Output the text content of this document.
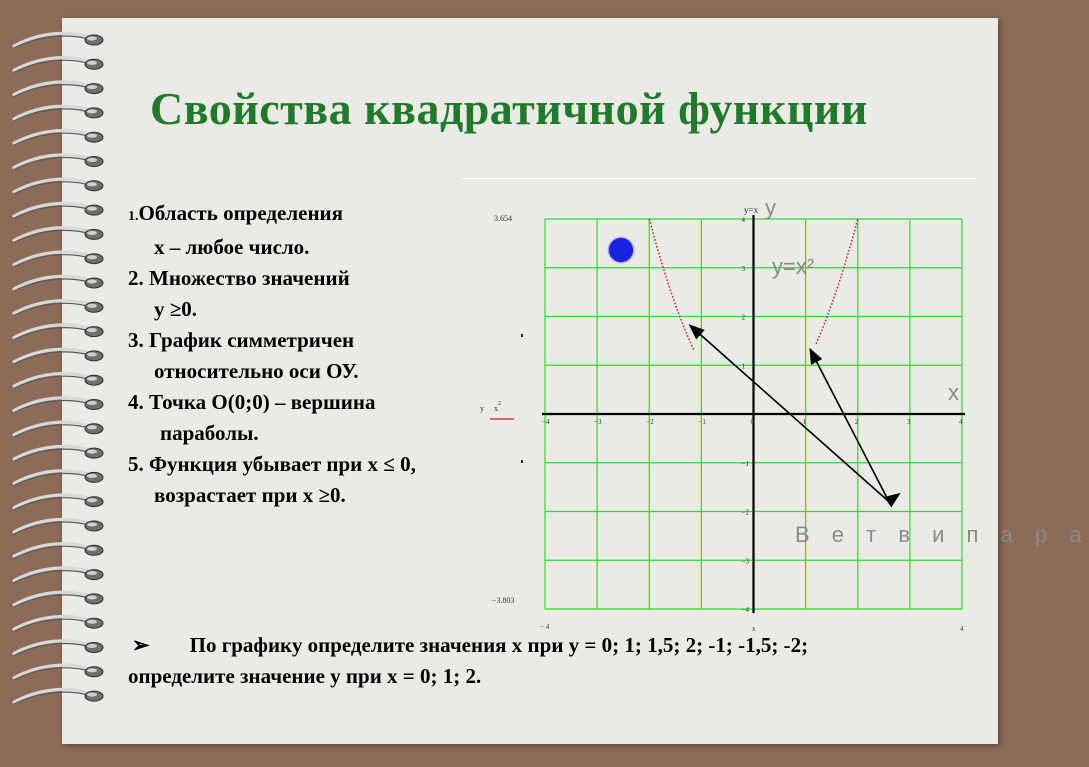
Свойства квадратичной функции
1.Область определения
х – любое число.
2. Множество значений
у ≥0.
3. График симметричен
относительно оси ОУ.
4. Точка О(0;0) – вершина
параболы.
5. Функция убывает при х ≤ 0,
возрастает при х ≥0.
−4	−3	−2	−1	0	1	2	3	4
4
3
2
1
−1
−2
−3
−4
3.654
−3.803
y x 2
y=x
− 4	x	4
у
у=х²
х
В е т в и п а р а
➢ По графику определите значения х при у = 0; 1; 1,5; 2; -1; -1,5; -2;
определите значение у при х = 0; 1; 2.
